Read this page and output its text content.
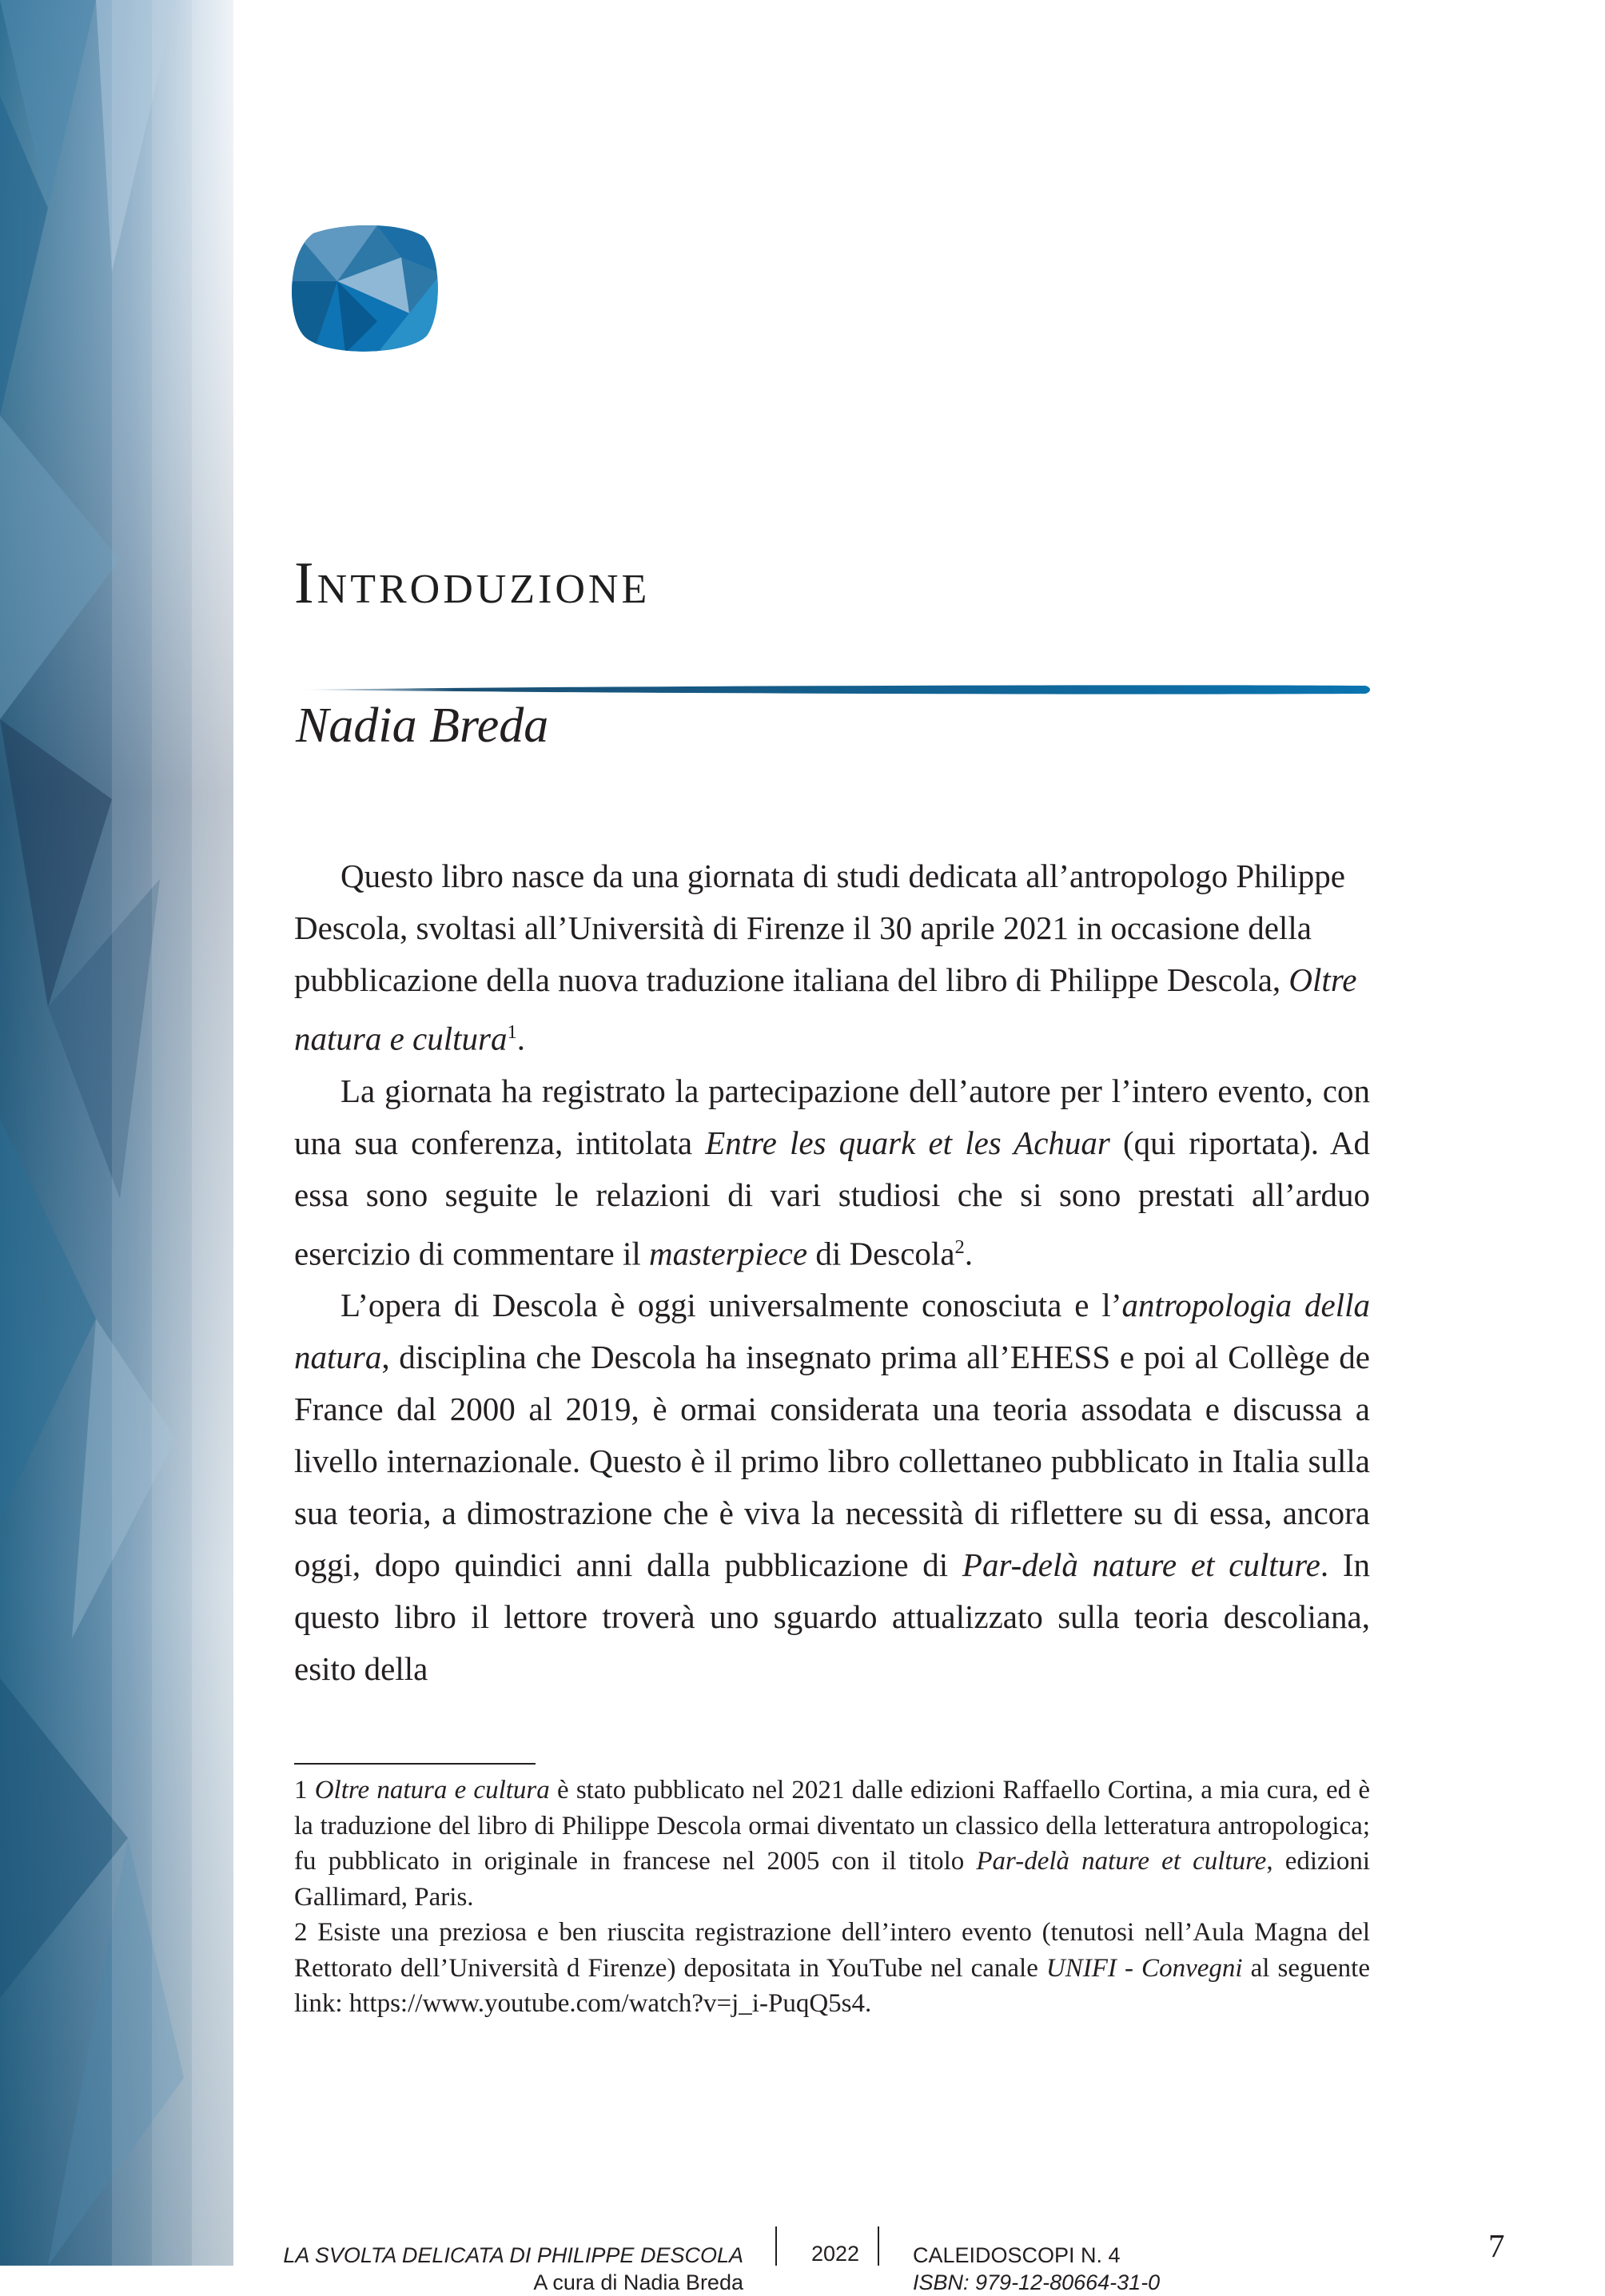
Introduzione
Nadia Breda

Questo libro nasce da una giornata di studi dedicata all’antropologo Philippe Descola, svoltasi all’Università di Firenze il 30 aprile 2021 in occasione della pubblicazione della nuova traduzione italiana del libro di Philippe Descola, Oltre natura e cultura$^1$.

La giornata ha registrato la partecipazione dell’autore per l’intero evento, con una sua conferenza, intitolata Entre les quark et les Achuar (qui riportata). Ad essa sono seguite le relazioni di vari studiosi che si sono prestati all’arduo esercizio di commentare il masterpiece di Descola$^2$.

L’opera di Descola è oggi universalmente conosciuta e l’antropologia della natura, disciplina che Descola ha insegnato prima all’EHESS e poi al Collège de France dal 2000 al 2019, è ormai considerata una teoria assodata e discussa a livello internazionale. Questo è il primo libro collettaneo pubblicato in Italia sulla sua teoria, a dimostrazione che è viva la necessità di riflettere su di essa, ancora oggi, dopo quindici anni dalla pubblicazione di Par-delà nature et culture. In questo libro il lettore troverà uno sguardo attualizzato sulla teoria descoliana, esito della

1 Oltre natura e cultura è stato pubblicato nel 2021 dalle edizioni Raffaello Cortina, a mia cura, ed è la traduzione del libro di Philippe Descola ormai diventato un classico della letteratura antropologica; fu pubblicato in originale in francese nel 2005 con il titolo Par-delà nature et culture, edizioni Gallimard, Paris.

2 Esiste una preziosa e ben riuscita registrazione dell’intero evento (tenutosi nell’Aula Magna del Rettorato dell’Università d Firenze) depositata in YouTube nel canale UNIFI - Convegni al seguente link: https://www.youtube.com/watch?v=j_i-PuqQ5s4.

LA SVOLTA DELICATA DI PHILIPPE DESCOLA
A cura di Nadia Breda
2022 CALEIDOSCOPI N. 4
ISBN: 979-12-80664-31-0
7
